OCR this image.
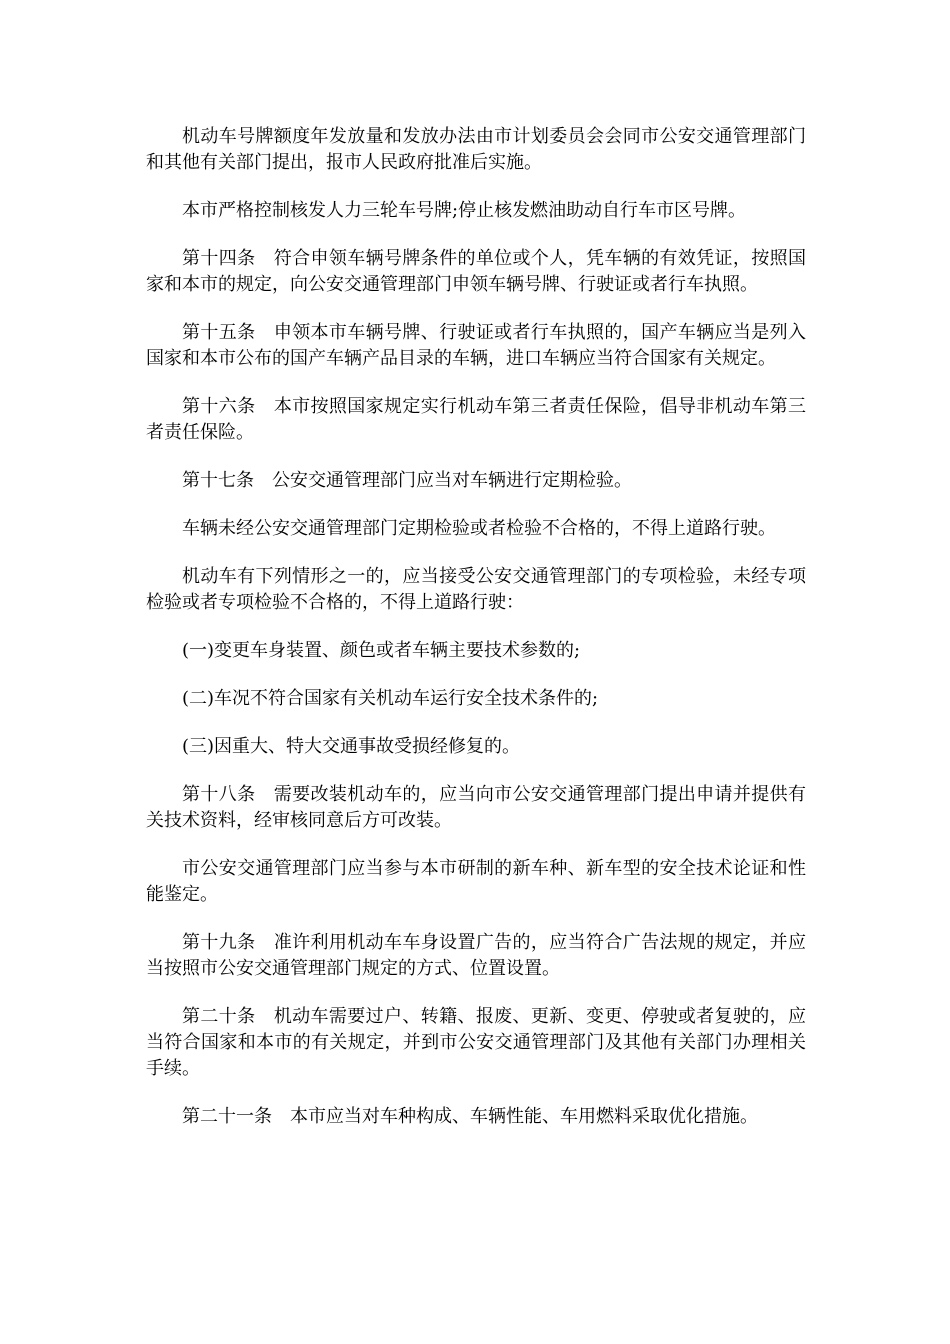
机动车号牌额度年发放量和发放办法由市计划委员会会同市公安交通管理部门和其他有关部门提出，报市人民政府批准后实施。

本市严格控制核发人力三轮车号牌;停止核发燃油助动自行车市区号牌。

第十四条　符合申领车辆号牌条件的单位或个人，凭车辆的有效凭证，按照国家和本市的规定，向公安交通管理部门申领车辆号牌、行驶证或者行车执照。

第十五条　申领本市车辆号牌、行驶证或者行车执照的，国产车辆应当是列入国家和本市公布的国产车辆产品目录的车辆，进口车辆应当符合国家有关规定。

第十六条　本市按照国家规定实行机动车第三者责任保险，倡导非机动车第三者责任保险。

第十七条　公安交通管理部门应当对车辆进行定期检验。

车辆未经公安交通管理部门定期检验或者检验不合格的，不得上道路行驶。

机动车有下列情形之一的，应当接受公安交通管理部门的专项检验，未经专项检验或者专项检验不合格的，不得上道路行驶：

(一)变更车身装置、颜色或者车辆主要技术参数的;

(二)车况不符合国家有关机动车运行安全技术条件的;

(三)因重大、特大交通事故受损经修复的。

第十八条　需要改装机动车的，应当向市公安交通管理部门提出申请并提供有关技术资料，经审核同意后方可改装。

市公安交通管理部门应当参与本市研制的新车种、新车型的安全技术论证和性能鉴定。

第十九条　准许利用机动车车身设置广告的，应当符合广告法规的规定，并应当按照市公安交通管理部门规定的方式、位置设置。

第二十条　机动车需要过户、转籍、报废、更新、变更、停驶或者复驶的，应当符合国家和本市的有关规定，并到市公安交通管理部门及其他有关部门办理相关手续。

第二十一条　本市应当对车种构成、车辆性能、车用燃料采取优化措施。
